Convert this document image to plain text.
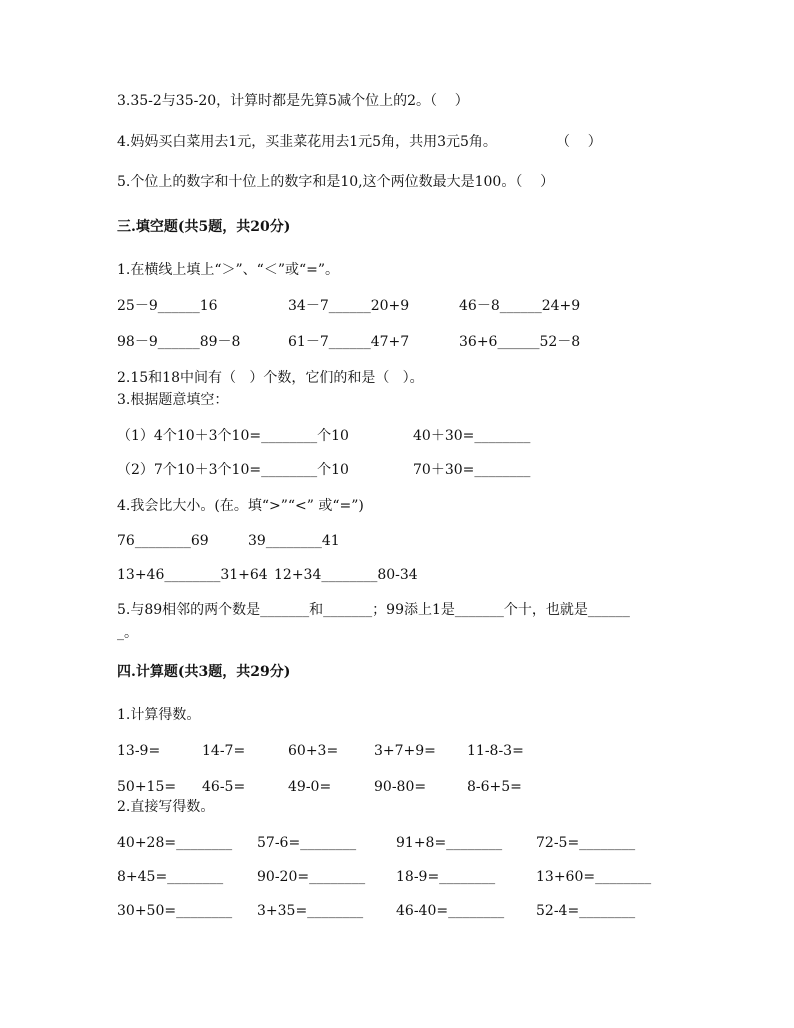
3.35-2与35-20，计算时都是先算5减个位上的2。（    ）
4.妈妈买白菜用去1元，买韭菜花用去1元5角，共用3元5角。	（    ）
5.个位上的数字和十位上的数字和是10,这个两位数最大是100。（    ）
三.填空题(共5题，共20分)
1.在横线上填上“＞”、“＜”或“=”。
25－9______16	34－7______20+9	46－8______24+9
98－9______89－8	61－7______47+7	36+6______52－8
2.15和18中间有（   ）个数，它们的和是（   ）。
3.根据题意填空：
（1）4个10＋3个10=________个10	40＋30=________
（2）7个10＋3个10=________个10	70＋30=________
4.我会比大小。(在。填“>”“<” 或“=”)
76________69	39________41
13+46________31+64 12+34________80-34
5.与89相邻的两个数是_______和_______；99添上1是_______个十，也就是______
_。
四.计算题(共3题，共29分)
1.计算得数。
13-9=	14-7=	60+3=	3+7+9= 11-8-3=
50+15= 46-5=	49-0=	90-80=	8-6+5=
2.直接写得数。
40+28=________ 57-6=________	91+8=________ 72-5=________
8+45=________ 90-20=________ 18-9=________	13+60=________
30+50=________ 3+35=________ 46-40=________ 52-4=________
